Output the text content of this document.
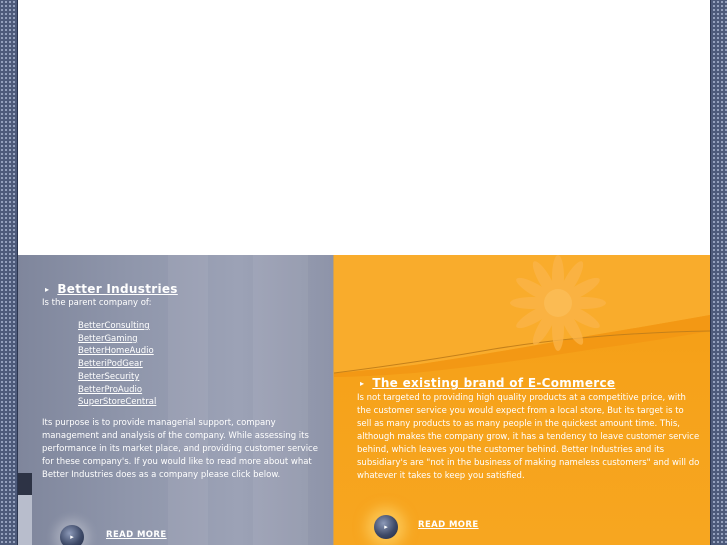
▸ Better Industries
Is the parent company of:
BetterConsulting
BetterGaming
BetterHomeAudio
BetteriPodGear
BetterSecurity
BetterProAudio
SuperStoreCentral
Its purpose is to provide managerial support, company management and analysis of the company. While assessing its performance in its market place, and providing customer service for these company's. If you would like to read more about what Better Industries does as a company please click below.
▸	READ MORE
▸ The existing brand of E-Commerce
Is not targeted to providing high quality products at a competitive price, with the customer service you would expect from a local store, But its target is to sell as many products to as many people in the quickest amount time. This, although makes the company grow, it has a tendency to leave customer service behind, which leaves you the customer behind. Better Industries and its subsidiary's are "not in the business of making nameless customers" and will do whatever it takes to keep you satisfied.
▸	READ MORE
